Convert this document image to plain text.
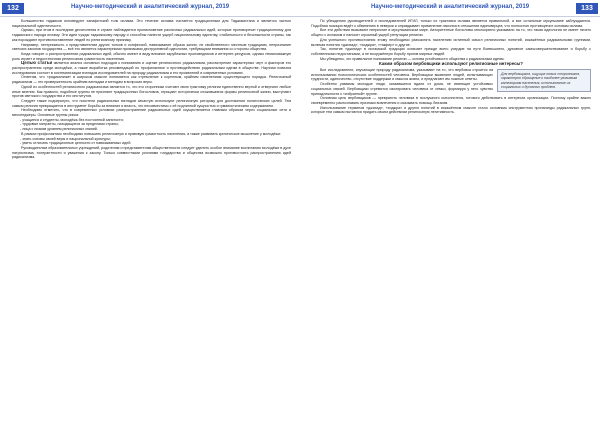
132	Научно-методический и аналитический журнал, 2019	Научно-методический и аналитический журнал, 2019	133

Большинство таджиков исповедуют ханафитский толк ислама. Это течение ислама считается традиционным для Таджикистана и является частью национальной идентичности.

Однако, при этом в последние десятилетия в стране наблюдается проникновение различных радикальных идей, которые противоречат традиционному для таджикского народа исламу. Эти идеи чужды таджикскому народу и способны нанести ущерб национальному единству, стабильности и безопасности страны, так как порождают противопоставление людей по религиозному признаку.

Например, нетерпимость к представителям других толков и конфессий, навязывание образа жизни, не свойственного местным традициям, непризнание светских законов государства — всё это является характерными признаками деструктивной идеологии, требующими внимания со стороны общества.

Когда говорят о распространении радикальных идей, обычно имеют в виду влияние зарубежных проповедников и интернет-ресурсов, однако немаловажную роль играет и недостаточная религиозная грамотность населения.

Целью статьи является анализ основных подходов к пониманию и оценке религиозного радикализма, рассмотрение характерных черт и факторов его распространения среди молодёжи, а также выработка рекомендаций по профилактике и противодействию радикальным идеям в обществе. Научная новизна исследования состоит в систематизации взглядов исследователей на природу радикализма и его проявлений в современных условиях.

Отметим, что «радикализм» в широком смысле понимается как стремление к коренным, крайним изменениям существующего порядка. Религиозный радикализм — это приверженность крайним взглядам и методам в вопросах веры.

Одной из особенностей религиозного радикализма является то, что его сторонники считают свою трактовку религии единственно верной и отвергают любые иные мнения. Как правило, подобные группы не признают традиционных богословов, отрицают исторически сложившиеся формы религиозной жизни, выступают против светского государства и его институтов.

Следует также подчеркнуть, что носители радикальных взглядов зачастую используют религиозную риторику для достижения политических целей. Тем самым религия превращается в инструмент борьбы за влияние и власть, что несовместимо с её подлинной сущностью и гуманистическим содержанием.

Необходимо отметить, что в современных условиях распространение радикальных идей осуществляется главным образом через социальные сети и мессенджеры. Основные группы риска:

- учащиеся и студенты, молодёжь без постоянной занятости;

- трудовые мигранты, находящиеся за пределами страны;

- лица с низким уровнем религиозных знаний.

В рамках профилактики необходимо повышать религиозную и правовую грамотность населения, а также развивать критическое мышление у молодёжи:

- знать основы своей веры и национальной культуры;

- уметь отличать традиционные ценности от навязываемых идей.

Руководителям образовательных учреждений, родителям и представителям общественности следует уделять особое внимание воспитанию молодёжи в духе патриотизма, толерантности и уважения к закону. Только совместными усилиями государства и общества возможно противостоять распространению идей радикализма.

По убеждению руководителей и последователей ИГИЛ, только их трактовка ислама является правильной, а все остальные мусульмане заблуждаются. Подобная позиция ведёт к обвинению в неверии и оправдывает применение насилия в отношении единоверцев, что полностью противоречит основам ислама.

Все эти действия вызывают неприятие в мусульманском мире. Авторитетные богословы многократно указывали на то, что такая идеология не имеет ничего общего с исламом и наносит огромный ущерб репутации религии.

Для успешного противостояния этому необходимо разъяснять населению истинный смысл религиозных понятий, искажённых радикальными группами, включая понятия «джихад», «хиджра», «такфир» и другие.

Так, понятие «джихад» в исламской традиции означает прежде всего усердие на пути Всевышнего, духовное самосовершенствование и борьбу с собственными недостатками, а не вооружённую борьбу против мирных людей.

Мы убеждены, что правильное понимание религии — основа устойчивости общества к радикальным идеям.

Каким образом вербовщики используют религиозные интересы?
Для вербовщиков, ищущих новых сторонников, характерно обращение к наиболее уязвимым категориям населения, использование их социальных и духовных проблем.

Все исследователи, изучающие природу радикализма, указывают на то, что вербовка строится на использовании психологических особенностей человека. Вербовщики выявляют людей, испытывающих трудности, одиночество, отсутствие поддержки и смысла жизни, и предлагают им ложные ответы.

Особенно уязвимы молодые люди, оказавшиеся вдали от дома, не имеющие устойчивых социальных связей. Вербовщики стремятся изолировать человека от семьи, формируя у него чувство принадлежности к «избранной» группе.

Основная цель вербовщиков — превратить человека в послушного исполнителя, готового действовать в интересах организации. Поэтому крайне важно своевременно распознавать признаки вовлечения и оказывать помощь близким.

Использование терминов «джихад», «хиджра» и других понятий в искажённом смысле стало основным инструментом пропаганды радикальных групп, которые тем самым пытаются придать своим действиям религиозную легитимность.
